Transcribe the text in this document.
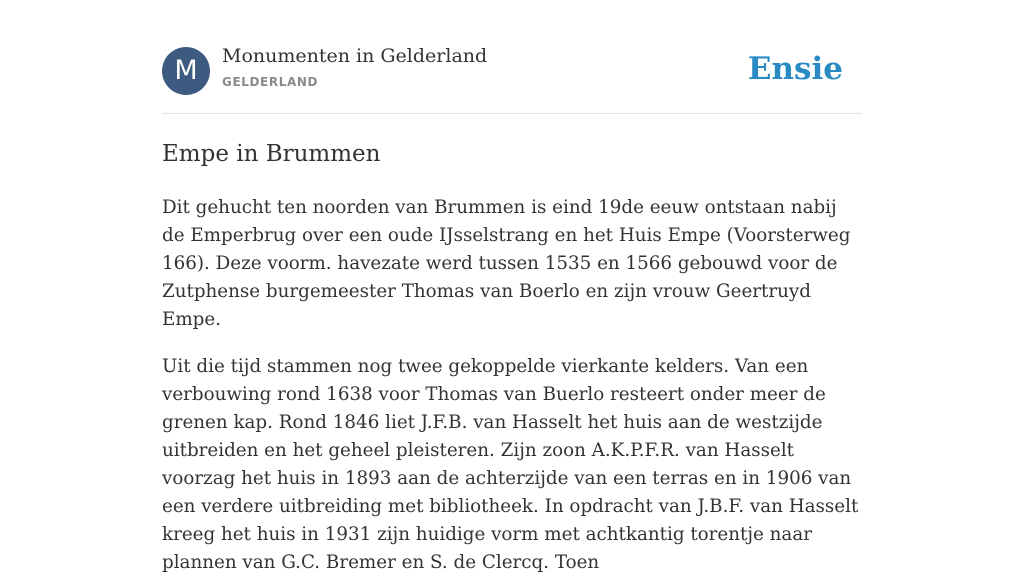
M	Monumenten in Gelderland
GELDERLAND	Ensie
Empe in Brummen

Dit gehucht ten noorden van Brummen is eind 19de eeuw ontstaan nabij de Emperbrug over een oude IJsselstrang en het Huis Empe (Voorsterweg 166). Deze voorm. havezate werd tussen 1535 en 1566 gebouwd voor de Zutphense burgemeester Thomas van Boerlo en zijn vrouw Geertruyd Empe.

Uit die tijd stammen nog twee gekoppelde vierkante kelders. Van een verbouwing rond 1638 voor Thomas van Buerlo resteert onder meer de grenen kap. Rond 1846 liet J.F.B. van Hasselt het huis aan de westzijde uitbreiden en het geheel pleisteren. Zijn zoon A.K.P.F.R. van Hasselt voorzag het huis in 1893 aan de achterzijde van een terras en in 1906 van een verdere uitbreiding met bibliotheek. In opdracht van J.B.F. van Hasselt kreeg het huis in 1931 zijn huidige vorm met achtkantig torentje naar plannen van G.C. Bremer en S. de Clercq. Toen
